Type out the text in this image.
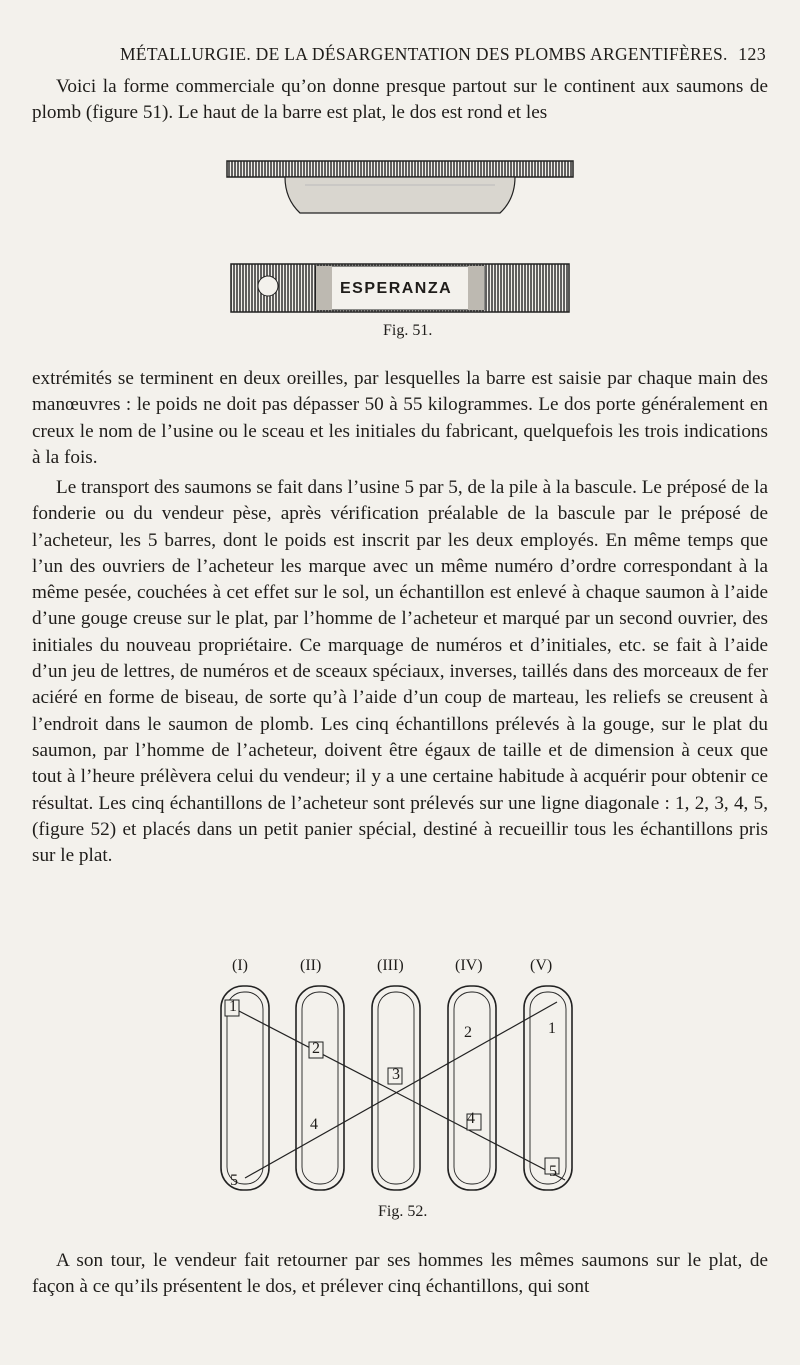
MÉTALLURGIE. DE LA DÉSARGENTATION DES PLOMBS ARGENTIFÈRES. 123

Voici la forme commerciale qu’on donne presque partout sur le continent aux saumons de plomb (figure 51). Le haut de la barre est plat, le dos est rond et les

ESPERANZA
Fig. 51.

extrémités se terminent en deux oreilles, par lesquelles la barre est saisie par chaque main des manœuvres : le poids ne doit pas dépasser 50 à 55 kilogrammes. Le dos porte généralement en creux le nom de l’usine ou le sceau et les initiales du fabricant, quelquefois les trois indications à la fois.

Le transport des saumons se fait dans l’usine 5 par 5, de la pile à la bascule. Le préposé de la fonderie ou du vendeur pèse, après vérification préalable de la bascule par le préposé de l’acheteur, les 5 barres, dont le poids est inscrit par les deux employés. En même temps que l’un des ouvriers de l’acheteur les marque avec un même numéro d’ordre correspondant à la même pesée, couchées à cet effet sur le sol, un échantillon est enlevé à chaque saumon à l’aide d’une gouge creuse sur le plat, par l’homme de l’acheteur et marqué par un second ouvrier, des initiales du nouveau propriétaire. Ce marquage de numéros et d’initiales, etc. se fait à l’aide d’un jeu de lettres, de numéros et de sceaux spéciaux, inverses, taillés dans des morceaux de fer aciéré en forme de biseau, de sorte qu’à l’aide d’un coup de marteau, les reliefs se creusent à l’endroit dans le saumon de plomb. Les cinq échantillons prélevés à la gouge, sur le plat du saumon, par l’homme de l’acheteur, doivent être égaux de taille et de dimension à ceux que tout à l’heure prélèvera celui du vendeur; il y a une certaine habitude à acquérir pour obtenir ce résultat. Les cinq échantillons de l’acheteur sont prélevés sur une ligne diagonale : 1, 2, 3, 4, 5, (figure 52) et placés dans un petit panier spécial, destiné à recueillir tous les échantillons pris sur le plat.

(I)	(II)	(III)	(IV)	(V)
1
2
3
4
5
1
2
4
5
Fig. 52.

A son tour, le vendeur fait retourner par ses hommes les mêmes saumons sur le plat, de façon à ce qu’ils présentent le dos, et prélever cinq échantillons, qui sont
